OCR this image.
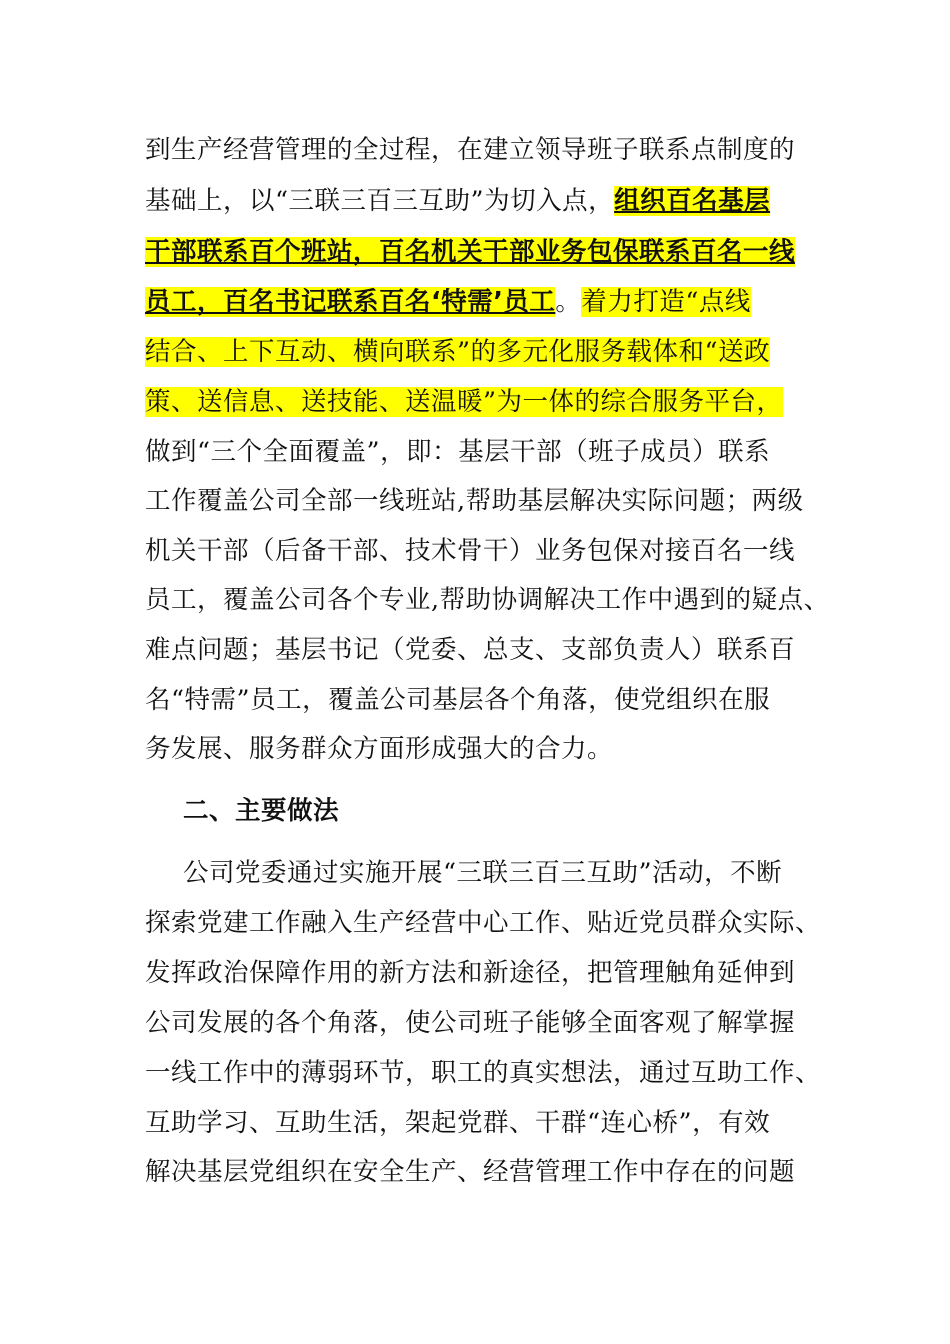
到生产经营管理的全过程，在建立领导班子联系点制度的
基础上，以“三联三百三互助”为切入点，组织百名基层
干部联系百个班站，百名机关干部业务包保联系百名一线
员工，百名书记联系百名‘特需’员工。着力打造“点线
结合、上下互动、横向联系”的多元化服务载体和“送政
策、送信息、送技能、送温暖”为一体的综合服务平台，
做到“三个全面覆盖”，即：基层干部（班子成员）联系
工作覆盖公司全部一线班站,帮助基层解决实际问题；两级
机关干部（后备干部、技术骨干）业务包保对接百名一线
员工，覆盖公司各个专业,帮助协调解决工作中遇到的疑点、
难点问题；基层书记（党委、总支、支部负责人）联系百
名“特需”员工，覆盖公司基层各个角落，使党组织在服
务发展、服务群众方面形成强大的合力。
二、主要做法
公司党委通过实施开展“三联三百三互助”活动，不断
探索党建工作融入生产经营中心工作、贴近党员群众实际、
发挥政治保障作用的新方法和新途径，把管理触角延伸到
公司发展的各个角落，使公司班子能够全面客观了解掌握
一线工作中的薄弱环节，职工的真实想法，通过互助工作、
互助学习、互助生活，架起党群、干群“连心桥”，有效
解决基层党组织在安全生产、经营管理工作中存在的问题
